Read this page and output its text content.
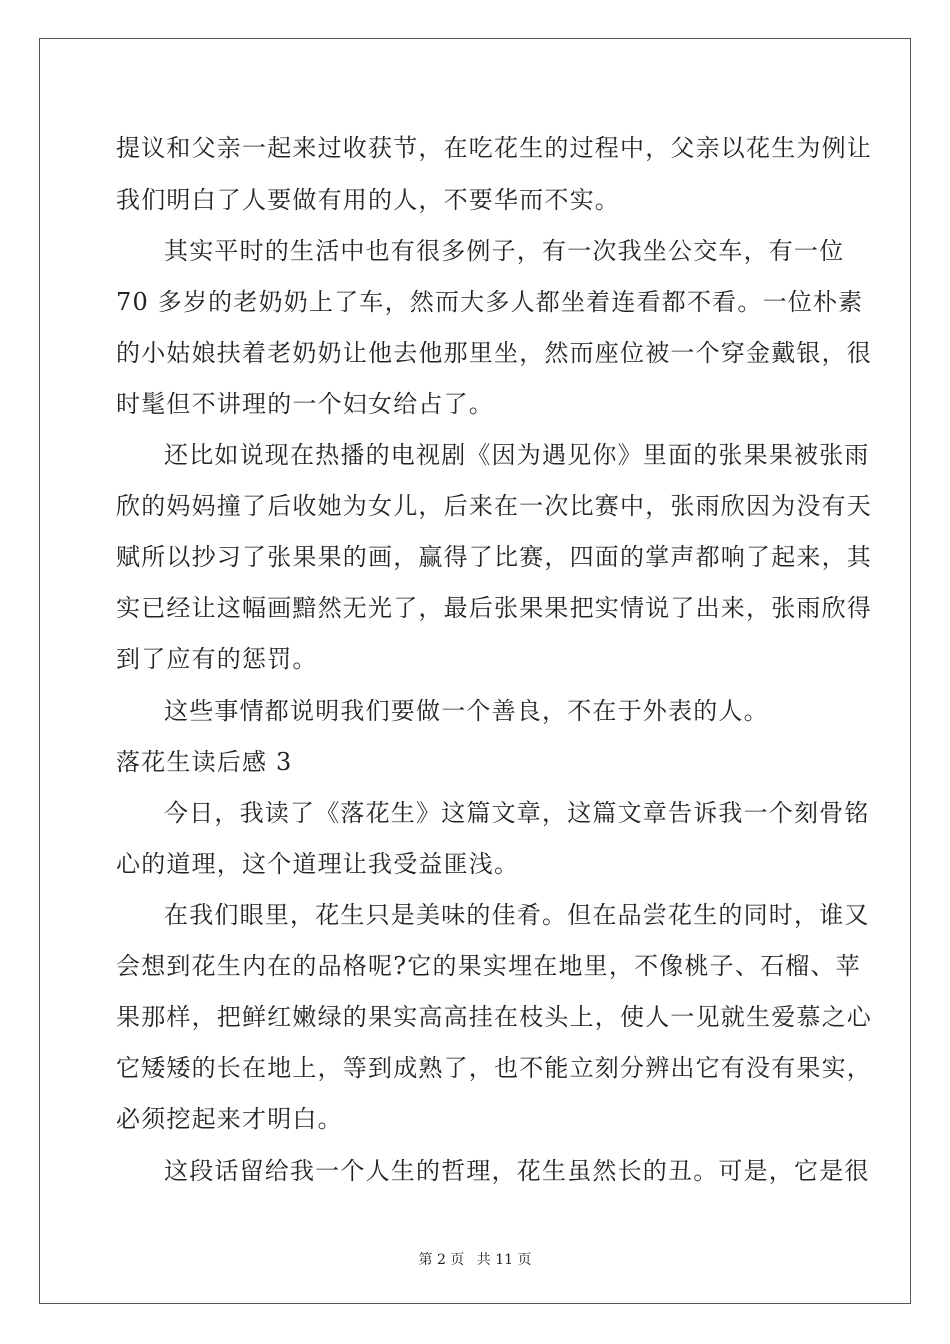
提议和父亲一起来过收获节，在吃花生的过程中，父亲以花生为例让
我们明白了人要做有用的人，不要华而不实。
其实平时的生活中也有很多例子，有一次我坐公交车，有一位
70 多岁的老奶奶上了车，然而大多人都坐着连看都不看。一位朴素
的小姑娘扶着老奶奶让他去他那里坐，然而座位被一个穿金戴银，很
时髦但不讲理的一个妇女给占了。
还比如说现在热播的电视剧《因为遇见你》里面的张果果被张雨
欣的妈妈撞了后收她为女儿，后来在一次比赛中，张雨欣因为没有天
赋所以抄习了张果果的画，赢得了比赛，四面的掌声都响了起来，其
实已经让这幅画黯然无光了，最后张果果把实情说了出来，张雨欣得
到了应有的惩罚。
这些事情都说明我们要做一个善良，不在于外表的人。
落花生读后感 3
今日，我读了《落花生》这篇文章，这篇文章告诉我一个刻骨铭
心的道理，这个道理让我受益匪浅。
在我们眼里，花生只是美味的佳肴。但在品尝花生的同时，谁又
会想到花生内在的品格呢?它的果实埋在地里，不像桃子、石榴、苹
果那样，把鲜红嫩绿的果实高高挂在枝头上，使人一见就生爱慕之心
它矮矮的长在地上，等到成熟了，也不能立刻分辨出它有没有果实，
必须挖起来才明白。
这段话留给我一个人生的哲理，花生虽然长的丑。可是，它是很
第 2 页 共 11 页
